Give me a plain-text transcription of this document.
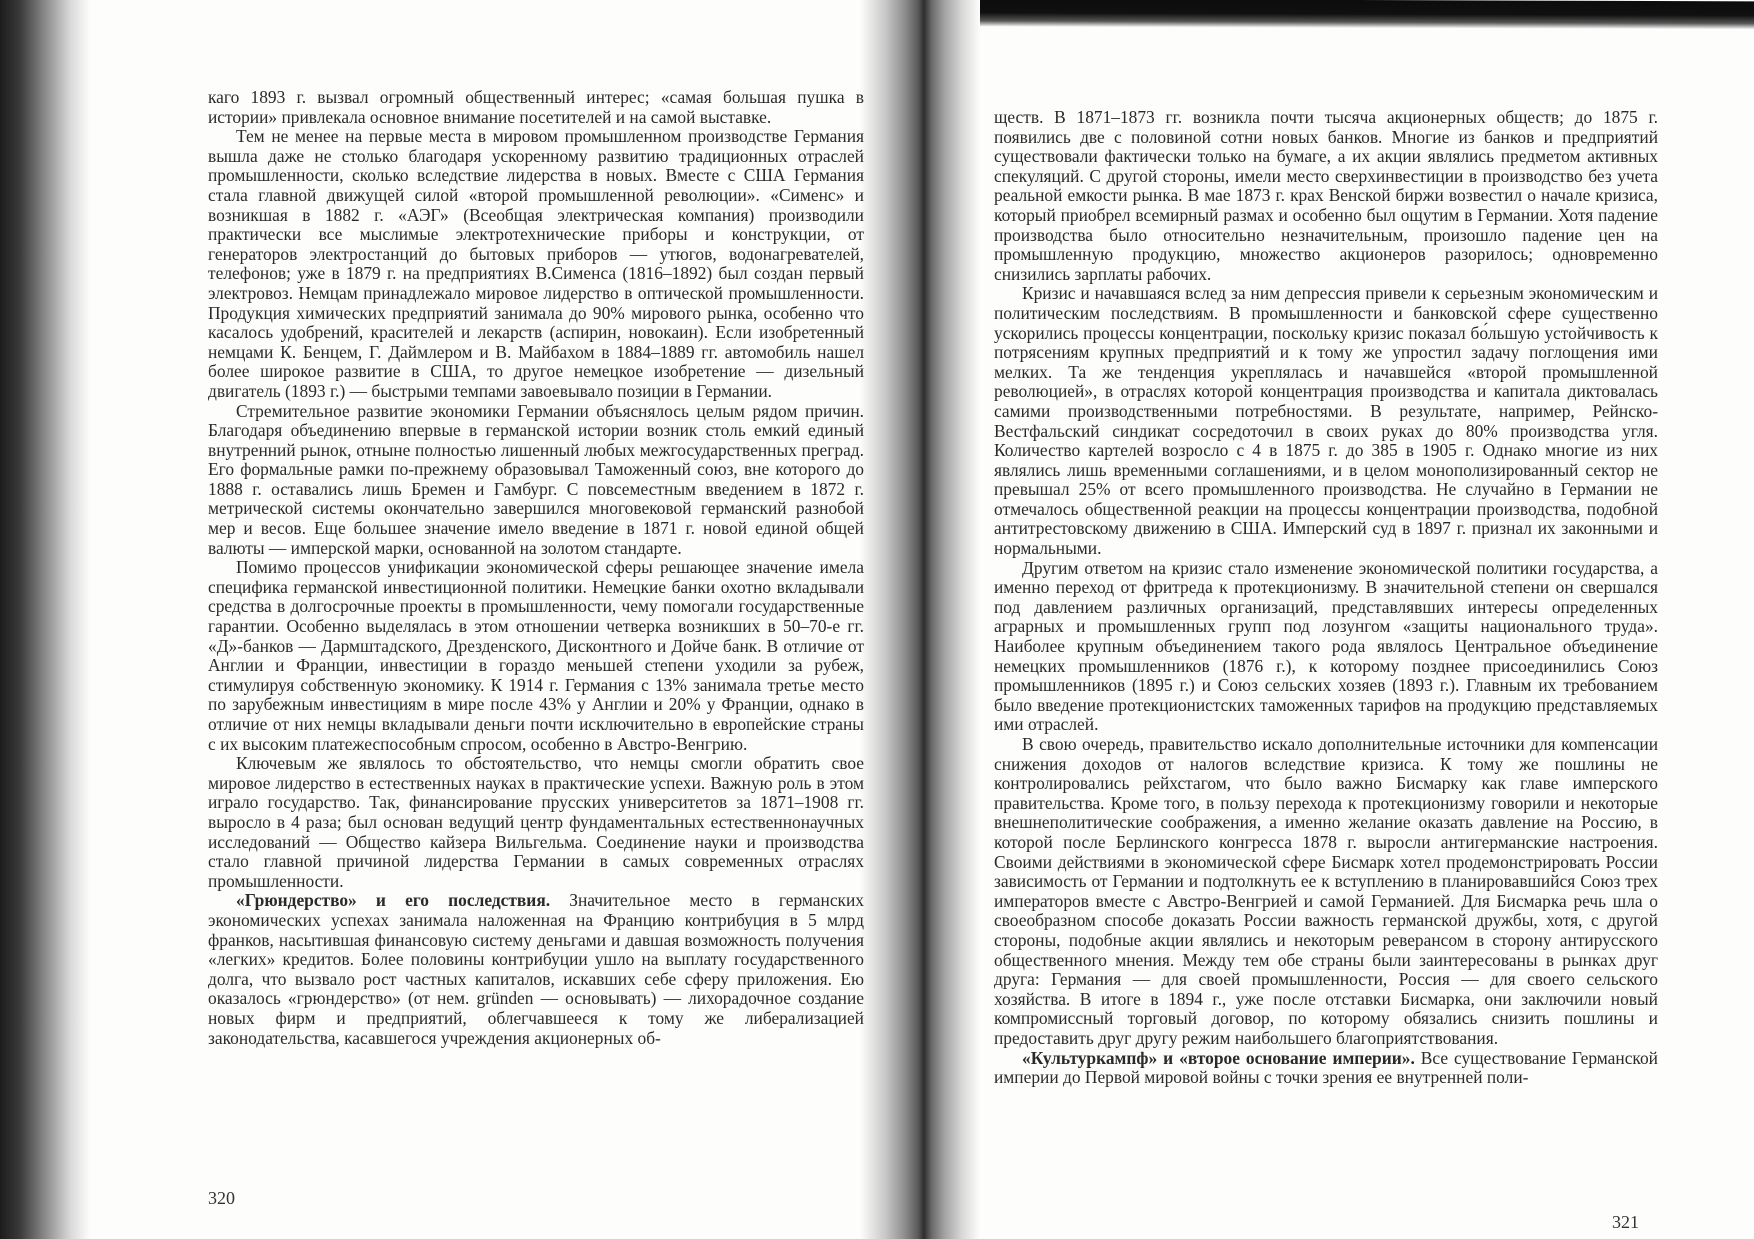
каго 1893 г. вызвал огромный общественный интерес; «самая большая пушка в истории» привлекала основное внимание посетителей и на самой выставке.

Тем не менее на первые места в мировом промышленном производстве Германия вышла даже не столько благодаря ускоренному развитию традиционных отраслей промышленности, сколько вследствие лидерства в новых. Вместе с США Германия стала главной движущей силой «второй промышленной революции». «Сименс» и возникшая в 1882 г. «АЭГ» (Всеобщая электрическая компания) производили практически все мыслимые электротехнические приборы и конструкции, от генераторов электростанций до бытовых приборов — утюгов, водонагревателей, телефонов; уже в 1879 г. на предприятиях В.Сименса (1816–1892) был создан первый электровоз. Немцам принадлежало мировое лидерство в оптической промышленности. Продукция химических предприятий занимала до 90% мирового рынка, особенно что касалось удобрений, красителей и лекарств (аспирин, новокаин). Если изобретенный немцами К. Бенцем, Г. Даймлером и В. Майбахом в 1884–1889 гг. автомобиль нашел более широкое развитие в США, то другое немецкое изобретение — дизельный двигатель (1893 г.) — быстрыми темпами завоевывало позиции в Германии.

Стремительное развитие экономики Германии объяснялось целым рядом причин. Благодаря объединению впервые в германской истории возник столь емкий единый внутренний рынок, отныне полностью лишенный любых межгосударственных преград. Его формальные рамки по-прежнему образовывал Таможенный союз, вне которого до 1888 г. оставались лишь Бремен и Гамбург. С повсеместным введением в 1872 г. метрической системы окончательно завершился многовековой германский разнобой мер и весов. Еще большее значение имело введение в 1871 г. новой единой общей валюты — имперской марки, основанной на золотом стандарте.

Помимо процессов унификации экономической сферы решающее значение имела специфика германской инвестиционной политики. Немецкие банки охотно вкладывали средства в долгосрочные проекты в промышленности, чему помогали государственные гарантии. Особенно выделялась в этом отношении четверка возникших в 50–70-е гг. «Д»-банков — Дармштадского, Дрезденского, Дисконтного и Дойче банк. В отличие от Англии и Франции, инвестиции в гораздо меньшей степени уходили за рубеж, стимулируя собственную экономику. К 1914 г. Германия с 13% занимала третье место по зарубежным инвестициям в мире после 43% у Англии и 20% у Франции, однако в отличие от них немцы вкладывали деньги почти исключительно в европейские страны с их высоким платежеспособным спросом, особенно в Австро-Венгрию.

Ключевым же являлось то обстоятельство, что немцы смогли обратить свое мировое лидерство в естественных науках в практические успехи. Важную роль в этом играло государство. Так, финансирование прусских университетов за 1871–1908 гг. выросло в 4 раза; был основан ведущий центр фундаментальных естественнонаучных исследований — Общество кайзера Вильгельма. Соединение науки и производства стало главной причиной лидерства Германии в самых современных отраслях промышленности.

«Грюндерство» и его последствия. Значительное место в германских экономических успехах занимала наложенная на Францию контрибуция в 5 млрд франков, насытившая финансовую систему деньгами и давшая возможность получения «легких» кредитов. Более половины контрибуции ушло на выплату государственного долга, что вызвало рост частных капиталов, искавших себе сферу приложения. Ею оказалось «грюндерство» (от нем. gründen — основывать) — лихорадочное создание новых фирм и предприятий, облегчавшееся к тому же либерализацией законодательства, касавшегося учреждения акционерных об-

320

ществ. В 1871–1873 гг. возникла почти тысяча акционерных обществ; до 1875 г. появились две с половиной сотни новых банков. Многие из банков и предприятий существовали фактически только на бумаге, а их акции являлись предметом активных спекуляций. С другой стороны, имели место сверхинвестиции в производство без учета реальной емкости рынка. В мае 1873 г. крах Венской биржи возвестил о начале кризиса, который приобрел всемирный размах и особенно был ощутим в Германии. Хотя падение производства было относительно незначительным, произошло падение цен на промышленную продукцию, множество акционеров разорилось; одновременно снизились зарплаты рабочих.

Кризис и начавшаяся вслед за ним депрессия привели к серьезным экономическим и политическим последствиям. В промышленности и банковской сфере существенно ускорились процессы концентрации, поскольку кризис показал бо́льшую устойчивость к потрясениям крупных предприятий и к тому же упростил задачу поглощения ими мелких. Та же тенденция укреплялась и начавшейся «второй промышленной революцией», в отраслях которой концентрация производства и капитала диктовалась самими производственными потребностями. В результате, например, Рейнско-Вестфальский синдикат сосредоточил в своих руках до 80% производства угля. Количество картелей возросло с 4 в 1875 г. до 385 в 1905 г. Однако многие из них являлись лишь временными соглашениями, и в целом монополизированный сектор не превышал 25% от всего промышленного производства. Не случайно в Германии не отмечалось общественной реакции на процессы концентрации производства, подобной антитрестовскому движению в США. Имперский суд в 1897 г. признал их законными и нормальными.

Другим ответом на кризис стало изменение экономической политики государства, а именно переход от фритреда к протекционизму. В значительной степени он свершался под давлением различных организаций, представлявших интересы определенных аграрных и промышленных групп под лозунгом «защиты национального труда». Наиболее крупным объединением такого рода являлось Центральное объединение немецких промышленников (1876 г.), к которому позднее присоединились Союз промышленников (1895 г.) и Союз сельских хозяев (1893 г.). Главным их требованием было введение протекционистских таможенных тарифов на продукцию представляемых ими отраслей.

В свою очередь, правительство искало дополнительные источники для компенсации снижения доходов от налогов вследствие кризиса. К тому же пошлины не контролировались рейхстагом, что было важно Бисмарку как главе имперского правительства. Кроме того, в пользу перехода к протекционизму говорили и некоторые внешнеполитические соображения, а именно желание оказать давление на Россию, в которой после Берлинского конгресса 1878 г. выросли антигерманские настроения. Своими действиями в экономической сфере Бисмарк хотел продемонстрировать России зависимость от Германии и подтолкнуть ее к вступлению в планировавшийся Союз трех императоров вместе с Австро-Венгрией и самой Германией. Для Бисмарка речь шла о своеобразном способе доказать России важность германской дружбы, хотя, с другой стороны, подобные акции являлись и некоторым реверансом в сторону антирусского общественного мнения. Между тем обе страны были заинтересованы в рынках друг друга: Германия — для своей промышленности, Россия — для своего сельского хозяйства. В итоге в 1894 г., уже после отставки Бисмарка, они заключили новый компромиссный торговый договор, по которому обязались снизить пошлины и предоставить друг другу режим наибольшего благоприятствования.

«Культуркампф» и «второе основание империи». Все существование Германской империи до Первой мировой войны с точки зрения ее внутренней поли-

321
